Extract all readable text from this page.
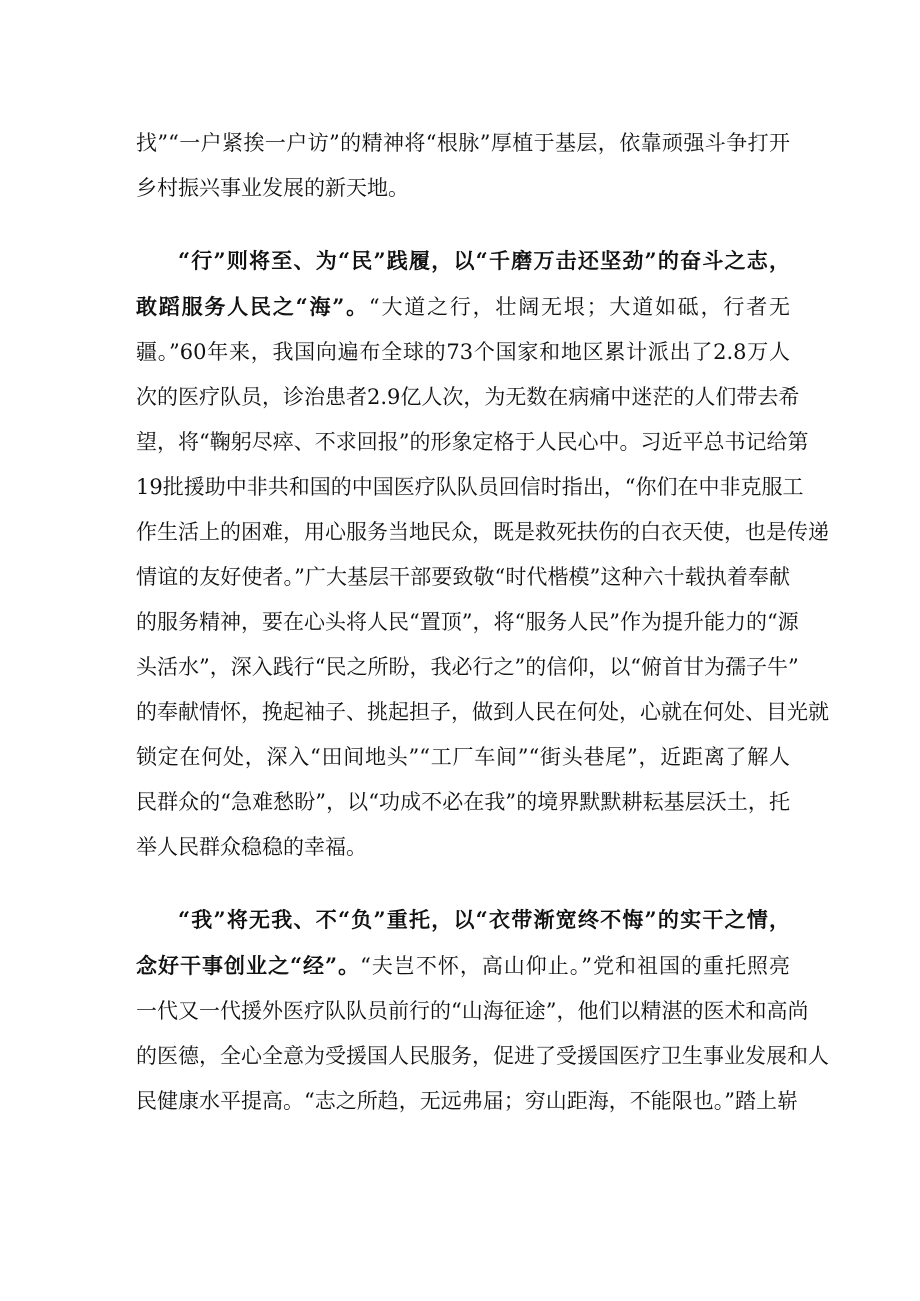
找”“一户紧挨一户访”的精神将“根脉”厚植于基层，依靠顽强斗争打开
乡村振兴事业发展的新天地。
“行”则将至、为“民”践履，以“千磨万击还坚劲”的奋斗之志，
敢蹈服务人民之“海”。“大道之行，壮阔无垠；大道如砥，行者无
疆。”60年来，我国向遍布全球的73个国家和地区累计派出了2.8万人
次的医疗队员，诊治患者2.9亿人次，为无数在病痛中迷茫的人们带去希
望，将“鞠躬尽瘁、不求回报”的形象定格于人民心中。习近平总书记给第
19批援助中非共和国的中国医疗队队员回信时指出，“你们在中非克服工
作生活上的困难，用心服务当地民众，既是救死扶伤的白衣天使，也是传递
情谊的友好使者。”广大基层干部要致敬“时代楷模”这种六十载执着奉献
的服务精神，要在心头将人民“置顶”，将“服务人民”作为提升能力的“源
头活水”，深入践行“民之所盼，我必行之”的信仰，以“俯首甘为孺子牛”
的奉献情怀，挽起袖子、挑起担子，做到人民在何处，心就在何处、目光就
锁定在何处，深入“田间地头”“工厂车间”“街头巷尾”，近距离了解人
民群众的“急难愁盼”，以“功成不必在我”的境界默默耕耘基层沃土，托
举人民群众稳稳的幸福。
“我”将无我、不“负”重托，以“衣带渐宽终不悔”的实干之情，
念好干事创业之“经”。“夫岂不怀，高山仰止。”党和祖国的重托照亮
一代又一代援外医疗队队员前行的“山海征途”，他们以精湛的医术和高尚
的医德，全心全意为受援国人民服务，促进了受援国医疗卫生事业发展和人
民健康水平提高。“志之所趋，无远弗届；穷山距海，不能限也。”踏上崭
